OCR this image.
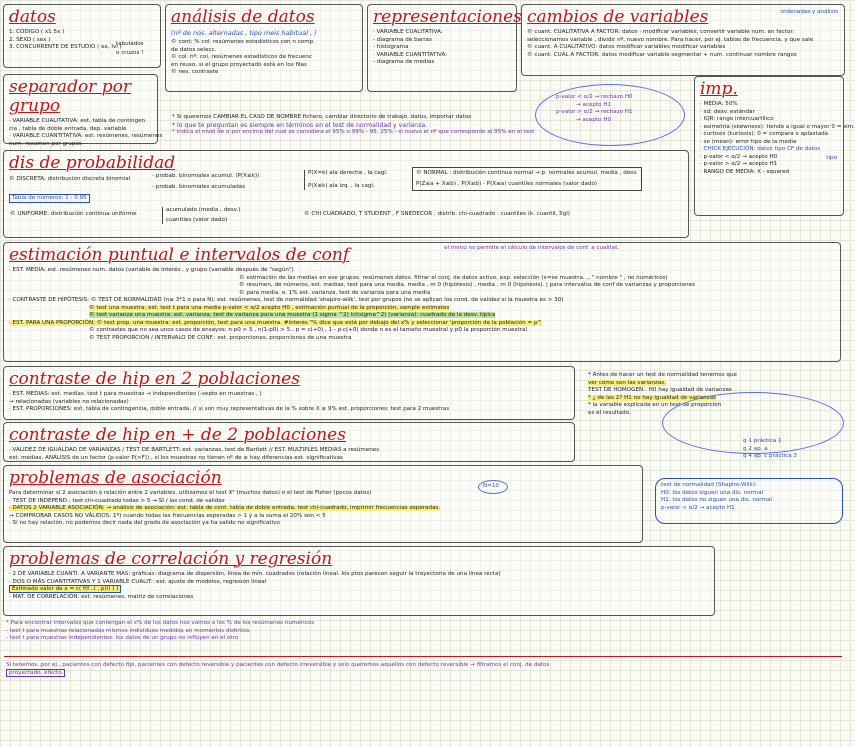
datos
1. CÓDIGO ( x1 5x )
2. SEXO ( sex )
3. CONCURRENTE DE ESTUDIO ( ex, lvl )
tabulados
o cruzos !
análisis de datos
(nº de nos. alternadas , tipo meis habitual , )
© cont: % col. resúmenes estadísticos con n comp.
de datos selecc.
© col. nº: col. resúmenes estadísticos de frecuenc
en reuso, si el grupo proyectado está en los filas
© nes. contraste
representaciones
· VARIABLE CUALITATIVA:
- diagrama de barras
- histograma
· VARIABLE CUANTITATIVA:
- diagrama de medias
cambios de variables
© cuant. CUALITATIVA A FACTOR: datos - modificar variables, convertir variable num. en factor:
seleccionamos variable , dividir nº, nuevo nombre. Para hacer, por ej. tablas de frecuencia, y que sale
© cuant. A CUALITATIVO: datos modificar variables modificar variables
© cuant. CUAL A FACTOR: datos modificar variable segmentar + num. continuar nombre rangos
ordenadas y análisis
separador por grupo
· VARIABLE CUALITATIVA: est. tabla de contingen
cia , tabla de doble entrada, dep. variable
· VARIABLE CUANTITATIVA: est. resúmenes, resúmenes
num. resumen por grupos
* Si queremos CAMBIAR EL CASO DE NOMBRE fichero, cambiar directorio de trabajo, datos, importar datos
* lo que te preguntan es siempre en términos en el test de normalidad y varianza.
* Indica el nivel de α por encima del cual se considera el 95% o 99% - 95, 25% - si nuevo el nº que corresponde al 95% en el test
p-valor < α/2 → rechazo H0
→ acepto H1
p-valor > α/2 → rechazo H1
→ acepto H0
imp.
· MEDIA: 50%
· sd: desv. estándar
· IQR: rango intercuartílico
· asimetría (skewness): tiende a igual o mayor 0 = sim.
· curtosis (kurtosis): 0 = compara o aplastada
· se (mean): error tipo de la media
· CHICK EJECUCIÓN: datos tipo CF de datos
· p-valor < α/2 → acepto H0
· p-valor > α/2 → acepto H1
· RANGO DE MEDIA: X - squared
tipo
dis de probabilidad
© DISCRETA: distribución discreta binomial
Tabla de números: 1 - 0.95
- probab. binomiales acumul. (P(X≤k))
- probab. binomiales acumuladas
P(X=k) ala derecha , la cagí.
P(X≤k) ala izq. , la cagí.
© NORMAL : distribución continua normal → p. normales acumul. media , desv.
P(Z≤a + X≤b) , P(X≤b) - P(X≤a) cuantiles normales (valor dado)
© UNIFORME: distribución continua uniforme
acumulado (media , desv.)
cuantiles (valor dado)
© CHI CUADRADO, T STUDENT , F SNEDECOR : distrib. chi-cuadrado : cuantiles (k. cuantil, 5gl)
estimación puntual e intervalos de conf	el menú no permite el cálculo de intervalos de conf. a cualitat.
· EST. MEDIA: est. resúmenes num. datos (variable de interés , y grupo (variable después de "según")
© estimación de las medias en ese grupos. resúmenes datos. filtrar el conj. de datos activo, exp. selección (x=se muestra..., " nombre " , no numéricos)
© resumen, de números, est. medias, test para una media. media , m 0 (hipótesis) , media , m 0 (hipótesis). | para intervalos de conf de varianzas y proporciones
© para media. e. 1% est. varianza, test de varianza para una media
· CONTRASTE DE HIPÓTESIS: © TEST DE NORMALIDAD (n≤ 3*1 o para N): est. resúmenes, test de normalidad 'shapiro-wilk', test por grupos (no se aplican los cond. de validez si la muestra es > 30)
© test una muestra: est. test t para una media p-valor < α/2 acepto H0 , estimación puntual de la proporción, sample estimates
© test varianza una muestra: est. varianza, test de varianza para una muestra (1 sigma ^2) lcl(sigma^2) (varianza): cuadrado de la desv. típica
· EST. PARA UNA PROPORCIÓN: © test prop. una muestra: est. proporción, test para una muestra. #interés "% dice que está por debajo del x% y seleccionar 'proporción de la población = p'"
© contrastes que no sea unos casos de ensayos: n·p0 > 5 , n(1-p0) > 5 , p = c(+0) , 1 - p·c(+0) donde n es el tamaño muestral y p0 la proporción muestral
© TEST PROPORCIÓN / INTERVALO DE CONF.: est. proporciones, proporciones de una muestra
contraste de hip en 2 poblaciones
· EST. MEDIAS: est. medias. test t para muestras → independientes (-septo en muestras , )
→ relacionadas (variables no relacionadas)
· EST. PROPORCIONES: est. tabla de contingencia, doble entrada. // si son muy representativas de la % sobre X ≥ 9% est. proporciones: test para 2 muestras
contraste de hip en + de 2 poblaciones
· VALIDEZ DE IGUALDAD DE VARIANZAS / TEST DE BARTLETT: est. varianzas, test de Bartlett // EST. MULTIPLES MEDIAS a resúmenes
est. medias, ANÁLISIS de un factor (p-valor P(>F)) , si los muestras no tienen nº de ≥ hay diferencias est. significativas
* Antes de hacer un test de normalidad tenemos que
ver cómo son las varianzas.
TEST DE HOMOGEN.: H0 hay igualdad de varianzas
* ¿ de las 2? H1 no hay igualdad de varianzas
* la variable explicada en un test de proporción
es el resultado.
q 1 práctica 1
q 2 ap. a
q 4 ap. c práctica 3
test de normalidad (Shapiro-Wilk):
H0: los datos siguen una dis. normal
H1: los datos no siguen una dis. normal
p-valor < α/2 → acepto H1
problemas de asociación
Para determinar si 2 asociación o relación entre 2 variables, utilizamos el test X² (muchos datos) o el test de Fisher (pocos datos)
· TEST DE INDEPEND.: test chi-cuadrado todas > 5 → SÍ / las cond. de validez
· DATOS 2 VARIABLE ASOCIACIÓN: → análisis de asociación: est. tabla de cont. tabla de doble entrada. test chi-cuadrado, imprimir frecuencias esperadas.
→ COMPROBAR CASOS NO VÁLIDOS: 1º) cuando todas las frecuencias esperadas > 1 y a la suma el 20% son < 5
· Si no hay relación, no podemos decir nada del grado de asociación ya ha salido no significativo
N=10
problemas de correlación y regresión
· 2 DE VARIABLE CUANTI. A VARIANTE MAS: gráficas: diagrama de dispersión, línea de mín. cuadrados (relación lineal. los ptos parecen seguir la trayectoria de una línea recta)
· DOS O MÁS CUANTITATIVAS Y 1 VARIABLE CUALIT.: est. ajuste de modelos, regresión lineal
Estimado valor de x = c( f(f...i , p(i) ) )
· MAT. DE CORRELACIÓN: est. resúmenes, matriz de correlaciones
* Para encontrar intervalos que contengan el x% de los datos nos vamos a los % de los resúmenes numéricos
- test t para muestras relacionadas mismos individuos medidos en momentos distintos
- test t para muestras independientes: los datos de un grupo no influyen en el otro
Si tenemos, por ej., pacientes con defecto fijo, pacientes con defecto reversible y pacientes con defecto irreversible y solo queremos aquellos con defecto reversible → filtramos el conj. de datos
proyectado, efecto
